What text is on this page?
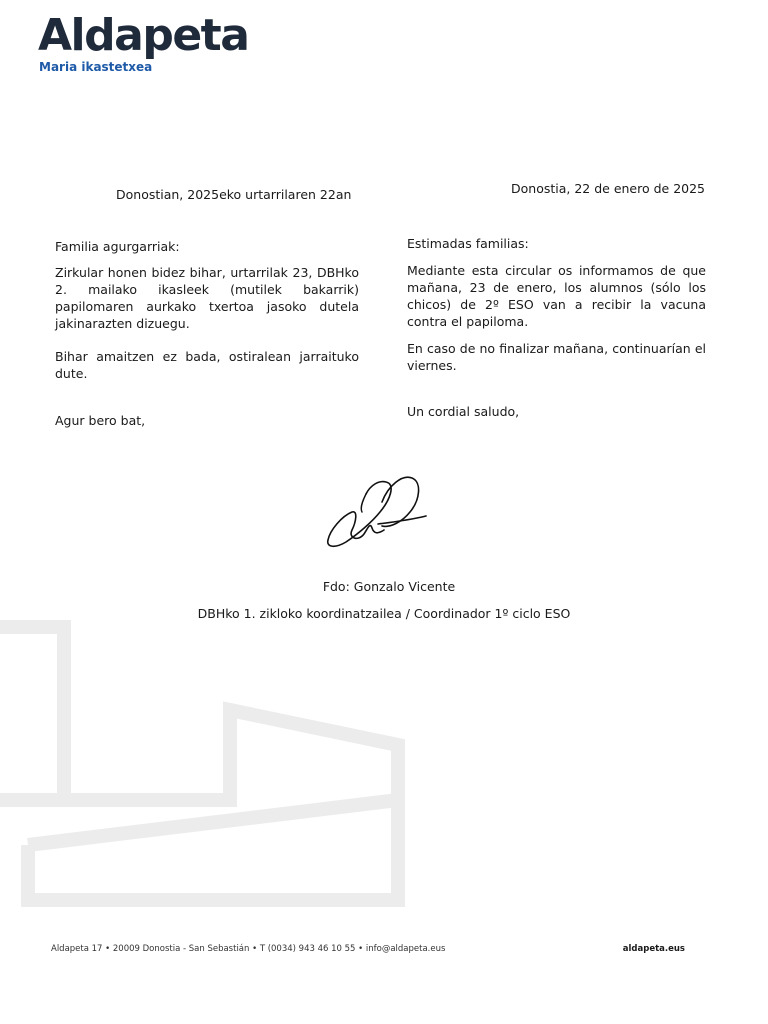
Aldapeta
Maria ikastetxea
Donostian, 2025eko urtarrilaren 22an	Donostia, 22 de enero de 2025

Familia agurgarriak:

Zirkular honen bidez bihar, urtarrilak 23, DBHko 2. mailako ikasleek (mutilek bakarrik) papilomaren aurkako txertoa jasoko dutela jakinarazten dizuegu.

Bihar amaitzen ez bada, ostiralean jarraituko dute.

Agur bero bat,

Estimadas familias:

Mediante esta circular os informamos de que mañana, 23 de enero, los alumnos (sólo los chicos) de 2º ESO van a recibir la vacuna contra el papiloma.

En caso de no finalizar mañana, continuarían el viernes.

Un cordial saludo,

Fdo: Gonzalo Vicente
DBHko 1. zikloko koordinatzailea / Coordinador 1º ciclo ESO
Aldapeta 17 • 20009 Donostia - San Sebastián • T (0034) 943 46 10 55 • info@aldapeta.eus	aldapeta.eus
